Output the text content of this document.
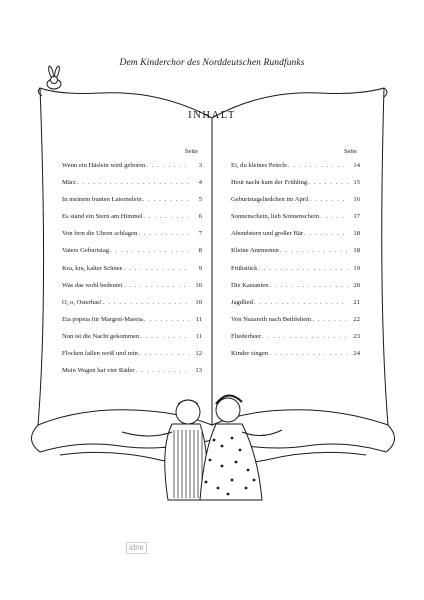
Dem Kinderchor des Norddeutschen Rundfunks
INHALT
Seite	Seite
Wenn ein Häslein wird geboren . . .	3
März . . .	4
In meinem bunten Laternelein . . .	5
Es stand ein Stern am Himmel . . .	6
Von fern die Uhren schlagen . . .	7
Vaters Geburtstag . . .	8
Kra, kra, kalter Schnee . . .	9
Was das wohl bedeutet . . .	10
O, o, Osterhas! . . .	10
Eia popeia für Margret-Mareia . . .	11
Nun ist die Nacht gekommen . . .	11
Flocken fallen weiß und rein . . .	12
Mein Wagen hat vier Räder . . .	13
Ei, du kleines Peterle . . .	14
Heut nacht kam der Frühling . . .	15
Geburtstagsliedchen im April . . .	16
Sonnenschein, lieb Sonnenschein . . .	17
Abendstern und großer Bär . . .	18
Kleine Anemonen . . .	18
Frühstück . . .	19
Die Kastanien . . .	20
Jagdlied . . .	21
Von Nazareth nach Bethlehem . . .	22
Fliederbeer . . .	23
Kinder singen . . .	24
idnv
